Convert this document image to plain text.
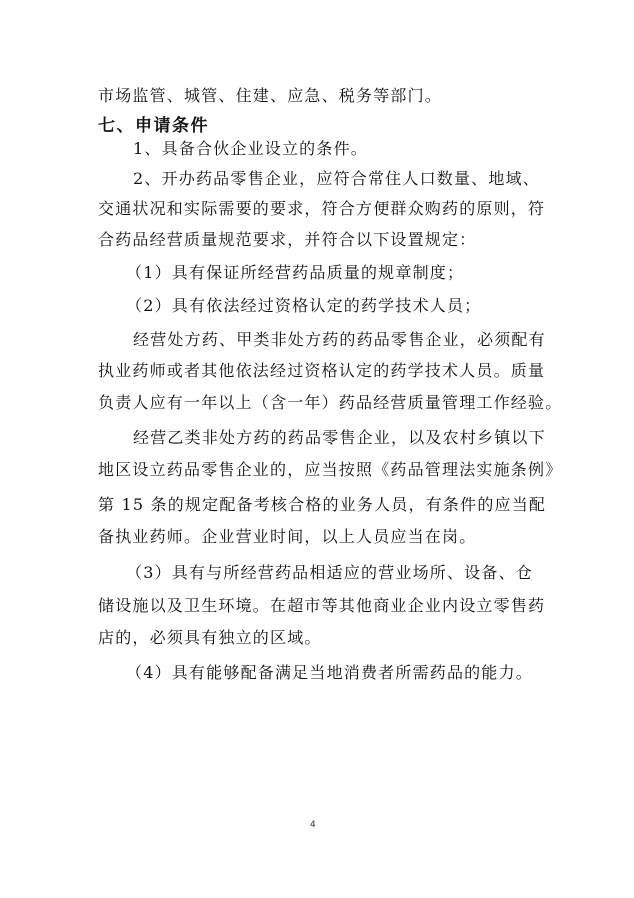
市场监管、城管、住建、应急、税务等部门。
七、申请条件
1、具备合伙企业设立的条件。
2、开办药品零售企业，应符合常住人口数量、地域、
交通状况和实际需要的要求，符合方便群众购药的原则，符
合药品经营质量规范要求，并符合以下设置规定：
（1）具有保证所经营药品质量的规章制度；
（2）具有依法经过资格认定的药学技术人员；
经营处方药、甲类非处方药的药品零售企业，必须配有
执业药师或者其他依法经过资格认定的药学技术人员。质量
负责人应有一年以上（含一年）药品经营质量管理工作经验。
经营乙类非处方药的药品零售企业，以及农村乡镇以下
地区设立药品零售企业的，应当按照《药品管理法实施条例》
第 15 条的规定配备考核合格的业务人员，有条件的应当配
备执业药师。企业营业时间，以上人员应当在岗。
（3）具有与所经营药品相适应的营业场所、设备、仓
储设施以及卫生环境。在超市等其他商业企业内设立零售药
店的，必须具有独立的区域。
（4）具有能够配备满足当地消费者所需药品的能力。
4
